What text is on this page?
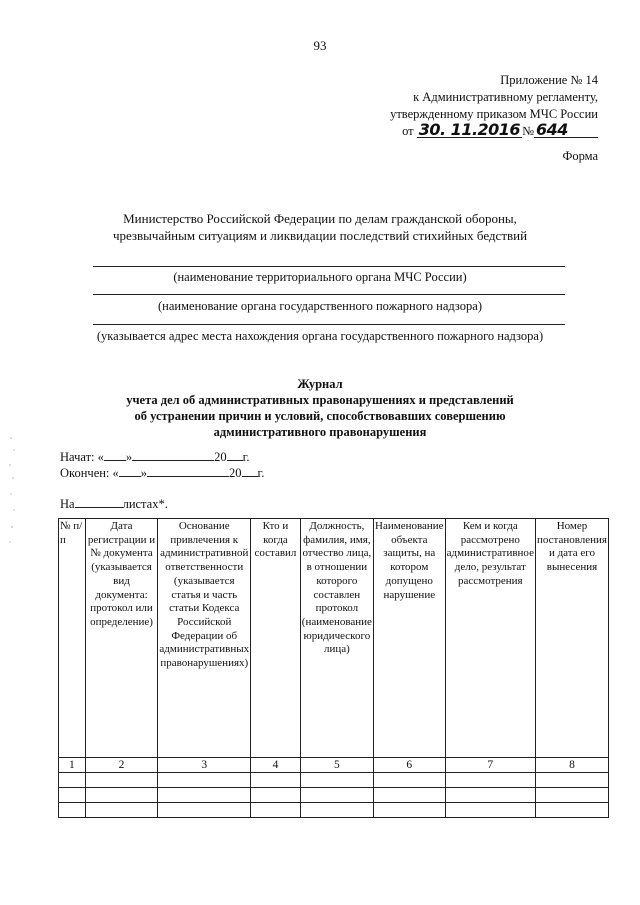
93
Приложение № 14
к Административному регламенту,
утвержденному приказом МЧС России
от 30. 11.2016 № 644
Форма
Министерство Российской Федерации по делам гражданской обороны,
чрезвычайным ситуациям и ликвидации последствий стихийных бедствий
(наименование территориального органа МЧС России)
(наименование органа государственного пожарного надзора)
(указывается адрес места нахождения органа государственного пожарного надзора)
Журнал
учета дел об административных правонарушениях и представлений
об устранении причин и условий, способствовавших совершению
административного правонарушения
Начат: « »	20 г.
Окончен: « »	20 г.
На	листах*.
№ п/п	Дата регистрации и № документа (указывается вид документа: протокол или определение)	Основание привлечения к административной ответственности (указывается статья и часть статьи Кодекса Российской Федерации об административных правонарушениях)	Кто и когда составил	Должность, фамилия, имя, отчество лица, в отношении которого составлен протокол (наименование юридического лица)	Наименование объекта защиты, на котором допущено нарушение	Кем и когда рассмотрено административное дело, результат рассмотрения	Номер постановления и дата его вынесения
1	2	3	4	5	6	7	8
